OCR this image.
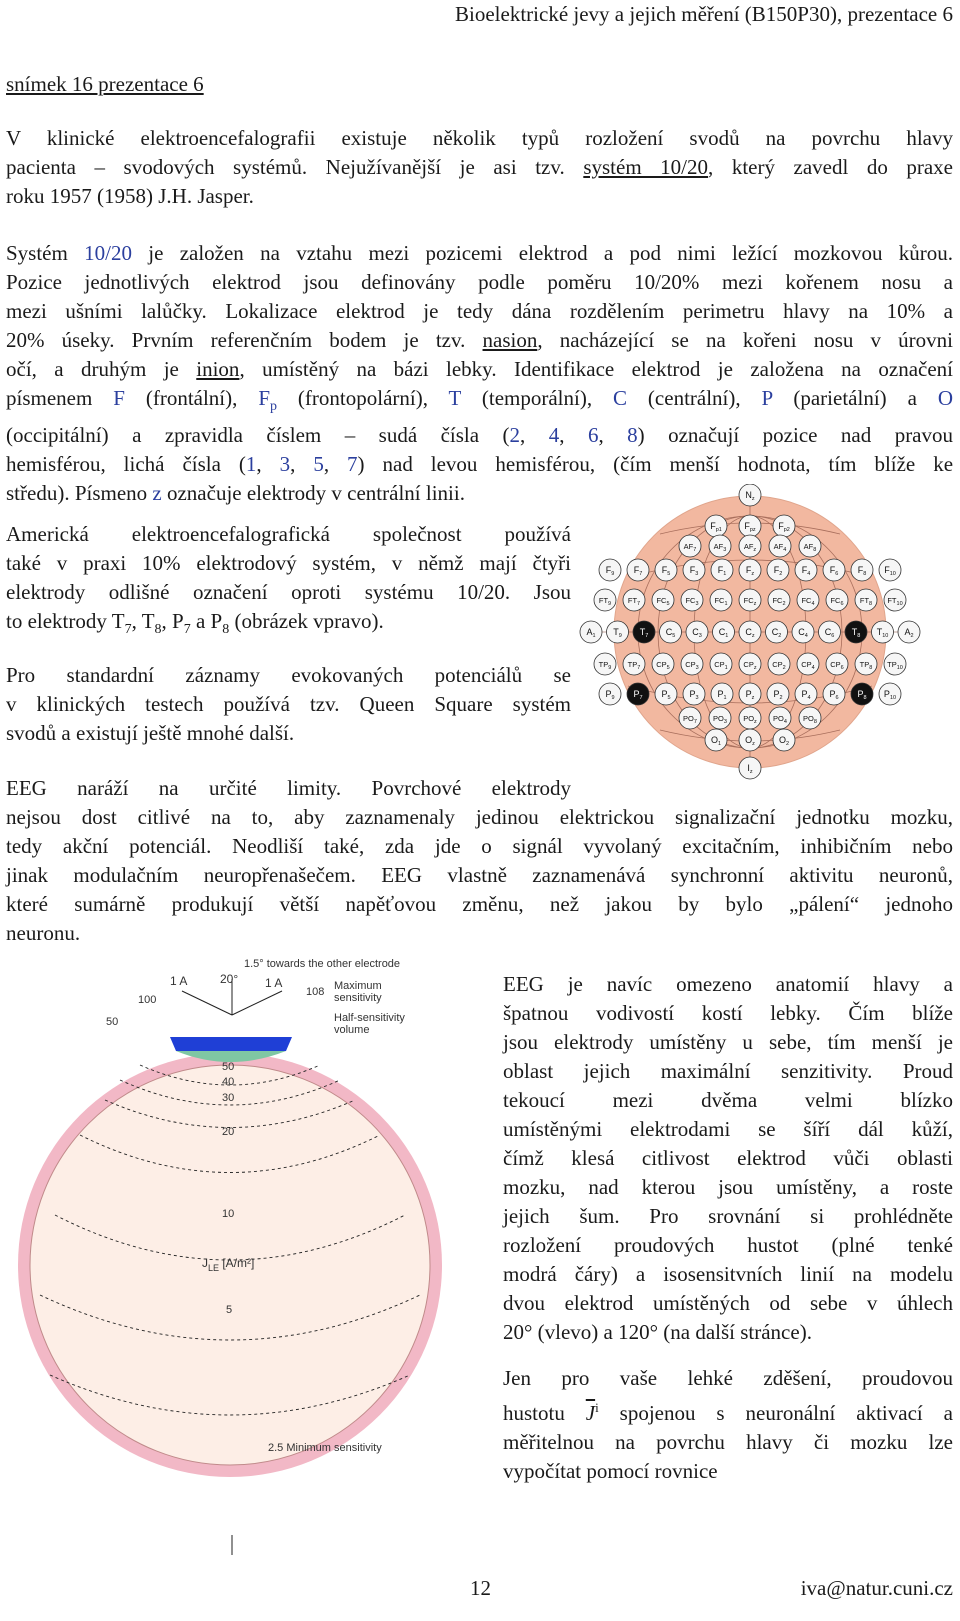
Bioelektrické jevy a jejich měření (B150P30), prezentace 6
snímek 16 prezentace 6
V klinické elektroencefalografii existuje několik typů rozložení svodů na povrchu hlavy
pacienta – svodových systémů. Nejužívanější je asi tzv. systém 10/20, který zavedl do praxe
roku 1957 (1958) J.H. Jasper.
Systém 10/20 je založen na vztahu mezi pozicemi elektrod a pod nimi ležící mozkovou kůrou.
Pozice jednotlivých elektrod jsou definovány podle poměru 10/20% mezi kořenem nosu a
mezi ušními lalůčky. Lokalizace elektrod je tedy dána rozdělením perimetru hlavy na 10% a
20% úseky. Prvním referenčním bodem je tzv. nasion, nacházející se na kořeni nosu v úrovni
očí, a druhým je inion, umístěný na bázi lebky. Identifikace elektrod je založena na označení
písmenem F (frontální), $F_p$ (frontopolární), T (temporální), C (centrální), P (parietální) a O
(occipitální) a zpravidla číslem – sudá čísla (2, 4, 6, 8) označují pozice nad pravou
hemisférou, lichá čísla (1, 3, 5, 7) nad levou hemisférou, (čím menší hodnota, tím blíže ke
středu). Písmeno z označuje elektrody v centrální linii.
Americká elektroencefalografická společnost používá
také v praxi 10% elektrodový systém, v němž mají čtyři
elektrody odlišné označení oproti systému 10/20. Jsou
to elektrody $T_7$, $T_8$, $P_7$ a $P_8$ (obrázek vpravo).
Pro standardní záznamy evokovaných potenciálů se
v klinických testech používá tzv. Queen Square systém
svodů a existují ještě mnohé další.
EEG naráží na určité limity. Povrchové elektrody
nejsou dost citlivé na to, aby zaznamenaly jedinou elektrickou signalizační jednotku mozku,
tedy akční potenciál. Neodliší také, zda jde o signál vyvolaný excitačním, inhibičním nebo
jinak modulačním neuropřenašečem. EEG vlastně zaznamenává synchronní aktivitu neuronů,
které sumárně produkují větší napěťovou změnu, než jakou by bylo „pálení“ jednoho
neuronu.
EEG je navíc omezeno anatomií hlavy a
špatnou vodivostí kostí lebky. Čím blíže
jsou elektrody umístěny u sebe, tím menší je
oblast jejich maximální senzitivity. Proud
tekoucí mezi dvěma velmi blízko
umístěnými elektrodami se šíří dál kůží,
čímž klesá citlivost elektrod vůči oblasti
mozku, nad kterou jsou umístěny, a roste
jejich šum. Pro srovnání si prohlédněte
rozložení proudových hustot (plné tenké
modrá čáry) a isosensitvních linií na modelu
dvou elektrod umístěných od sebe v úhlech
20° (vlevo) a 120° (na další stránce).
Jen pro vaše lehké zděšení, proudovou
hustotu $\overline{J}^i$ spojenou s neuronální aktivací a
měřitelnou na povrchu hlavy či mozku lze
vypočítat pomocí rovnice
$N_z$
$I_z$
$F_{p1}$	$F_{pz}$	$F_{p2}$
$AF_7$ $AF_3$ $AF_z$ $AF_4$ $AF_8$
$F_9$ $F_7$ $F_5$ $F_3$ $F_1$ $F_z$ $F_2$ $F_4$ $F_6$ $F_8$ $F_{10}$
$FT_9$ $FT_7$ $FC_5$ $FC_3$ $FC_1$ $FC_z$ $FC_2$ $FC_4$ $FC_6$ $FT_8$ $FT_{10}$
$A_1$ $T_9$ $T_7$ $C_5$ $C_3$ $C_1$ $C_z$ $C_2$ $C_4$ $C_6$ $T_8$ $T_{10}$ $A_2$
$TP_9$ $TP_7$ $CP_5$ $CP_3$ $CP_1$ $CP_z$ $CP_2$ $CP_4$ $CP_6$ $TP_8$ $TP_{10}$
$P_9$ $P_7$ $P_5$ $P_3$ $P_1$ $P_z$ $P_2$ $P_4$ $P_6$ $P_8$ $P_{10}$
$PO_7$ $PO_3$ $PO_z$ $PO_4$ $PO_8$
$O_1$	$O_z$	$O_2$
1.5° towards the other electrode
1 A	20° 1 A
108
100
50
Maximum
sensitivity
Half-sensitivity
volume
50
40
30
20
10
5
$J_{LE}$ [A/m²]
2.5 Minimum sensitivity
12	iva@natur.cuni.cz
